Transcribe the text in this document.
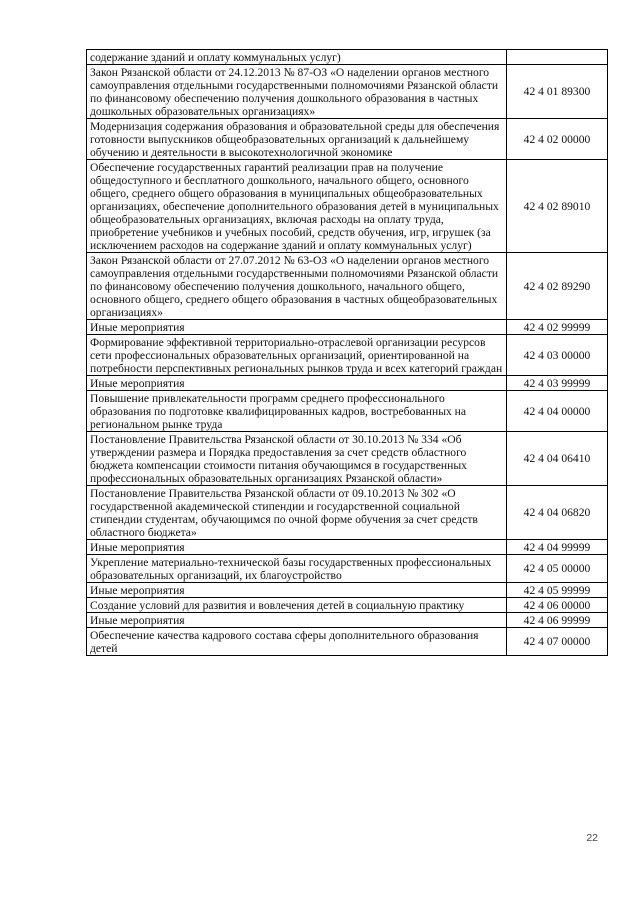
содержание зданий и оплату коммунальных услуг)	
Закон Рязанской области от 24.12.2013 № 87-ОЗ «О наделении органов местного самоуправления отдельными государственными полномочиями Рязанской области по финансовому обеспечению получения дошкольного образования в частных дошкольных образовательных организациях»	42 4 01 89300
Модернизация содержания образования и образовательной среды для обеспечения готовности выпускников общеобразовательных организаций к дальнейшему обучению и деятельности в высокотехнологичной экономике	42 4 02 00000
Обеспечение государственных гарантий реализации прав на получение общедоступного и бесплатного дошкольного, начального общего, основного общего, среднего общего образования в муниципальных общеобразовательных организациях, обеспечение дополнительного образования детей в муниципальных общеобразовательных организациях, включая расходы на оплату труда, приобретение учебников и учебных пособий, средств обучения, игр, игрушек (за исключением расходов на содержание зданий и оплату коммунальных услуг)	42 4 02 89010
Закон Рязанской области от 27.07.2012 № 63-ОЗ «О наделении органов местного самоуправления отдельными государственными полномочиями Рязанской области по финансовому обеспечению получения дошкольного, начального общего, основного общего, среднего общего образования в частных общеобразовательных организациях»	42 4 02 89290
Иные мероприятия	42 4 02 99999
Формирование эффективной территориально-отраслевой организации ресурсов сети профессиональных образовательных организаций, ориентированной на потребности перспективных региональных рынков труда и всех категорий граждан	42 4 03 00000
Иные мероприятия	42 4 03 99999
Повышение привлекательности программ среднего профессионального образования по подготовке квалифицированных кадров, востребованных на региональном рынке труда	42 4 04 00000
Постановление Правительства Рязанской области от 30.10.2013 № 334 «Об утверждении размера и Порядка предоставления за счет средств областного бюджета компенсации стоимости питания обучающимся в государственных профессиональных образовательных организациях Рязанской области»	42 4 04 06410
Постановление Правительства Рязанской области от 09.10.2013 № 302 «О государственной академической стипендии и государственной социальной стипендии студентам, обучающимся по очной форме обучения за счет средств областного бюджета»	42 4 04 06820
Иные мероприятия	42 4 04 99999
Укрепление материально-технической базы государственных профессиональных образовательных организаций, их благоустройство	42 4 05 00000
Иные мероприятия	42 4 05 99999
Создание условий для развития и вовлечения детей в социальную практику	42 4 06 00000
Иные мероприятия	42 4 06 99999
Обеспечение качества кадрового состава сферы дополнительного образования детей	42 4 07 00000
22
